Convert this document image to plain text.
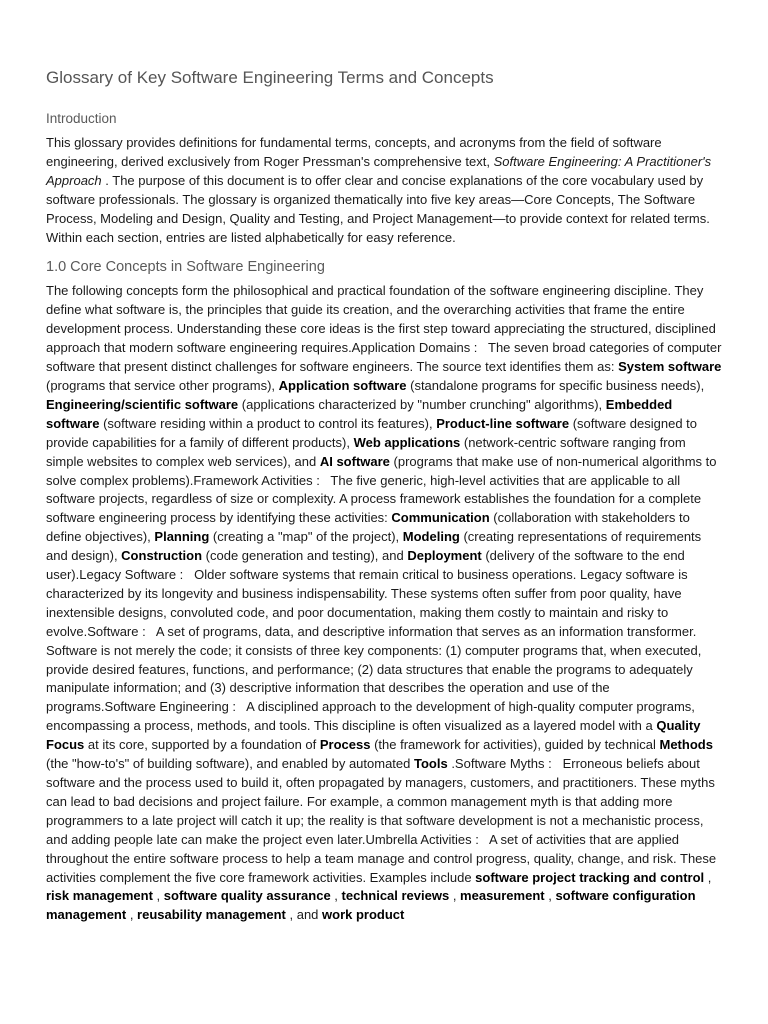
Glossary of Key Software Engineering Terms and Concepts
Introduction

This glossary provides definitions for fundamental terms, concepts, and acronyms from the field of software engineering, derived exclusively from Roger Pressman's comprehensive text, Software Engineering: A Practitioner's Approach . The purpose of this document is to offer clear and concise explanations of the core vocabulary used by software professionals. The glossary is organized thematically into five key areas—Core Concepts, The Software Process, Modeling and Design, Quality and Testing, and Project Management—to provide context for related terms. Within each section, entries are listed alphabetically for easy reference.

1.0 Core Concepts in Software Engineering

The following concepts form the philosophical and practical foundation of the software engineering discipline. They define what software is, the principles that guide its creation, and the overarching activities that frame the entire development process. Understanding these core ideas is the first step toward appreciating the structured, disciplined approach that modern software engineering requires.Application Domains :   The seven broad categories of computer software that present distinct challenges for software engineers. The source text identifies them as: System software (programs that service other programs), Application software (standalone programs for specific business needs), Engineering/scientific software (applications characterized by "number crunching" algorithms), Embedded software (software residing within a product to control its features), Product-line software (software designed to provide capabilities for a family of different products), Web applications (network-centric software ranging from simple websites to complex web services), and AI software (programs that make use of non-numerical algorithms to solve complex problems).Framework Activities :   The five generic, high-level activities that are applicable to all software projects, regardless of size or complexity. A process framework establishes the foundation for a complete software engineering process by identifying these activities: Communication (collaboration with stakeholders to define objectives), Planning (creating a "map" of the project), Modeling (creating representations of requirements and design), Construction (code generation and testing), and Deployment (delivery of the software to the end user).Legacy Software :   Older software systems that remain critical to business operations. Legacy software is characterized by its longevity and business indispensability. These systems often suffer from poor quality, have inextensible designs, convoluted code, and poor documentation, making them costly to maintain and risky to evolve.Software :   A set of programs, data, and descriptive information that serves as an information transformer. Software is not merely the code; it consists of three key components: (1) computer programs that, when executed, provide desired features, functions, and performance; (2) data structures that enable the programs to adequately manipulate information; and (3) descriptive information that describes the operation and use of the programs.Software Engineering :   A disciplined approach to the development of high-quality computer programs, encompassing a process, methods, and tools. This discipline is often visualized as a layered model with a Quality Focus at its core, supported by a foundation of Process (the framework for activities), guided by technical Methods (the "how-to's" of building software), and enabled by automated Tools .Software Myths :   Erroneous beliefs about software and the process used to build it, often propagated by managers, customers, and practitioners. These myths can lead to bad decisions and project failure. For example, a common management myth is that adding more programmers to a late project will catch it up; the reality is that software development is not a mechanistic process, and adding people late can make the project even later.Umbrella Activities :   A set of activities that are applied throughout the entire software process to help a team manage and control progress, quality, change, and risk. These activities complement the five core framework activities. Examples include software project tracking and control , risk management , software quality assurance , technical reviews , measurement , software configuration management , reusability management , and work product
